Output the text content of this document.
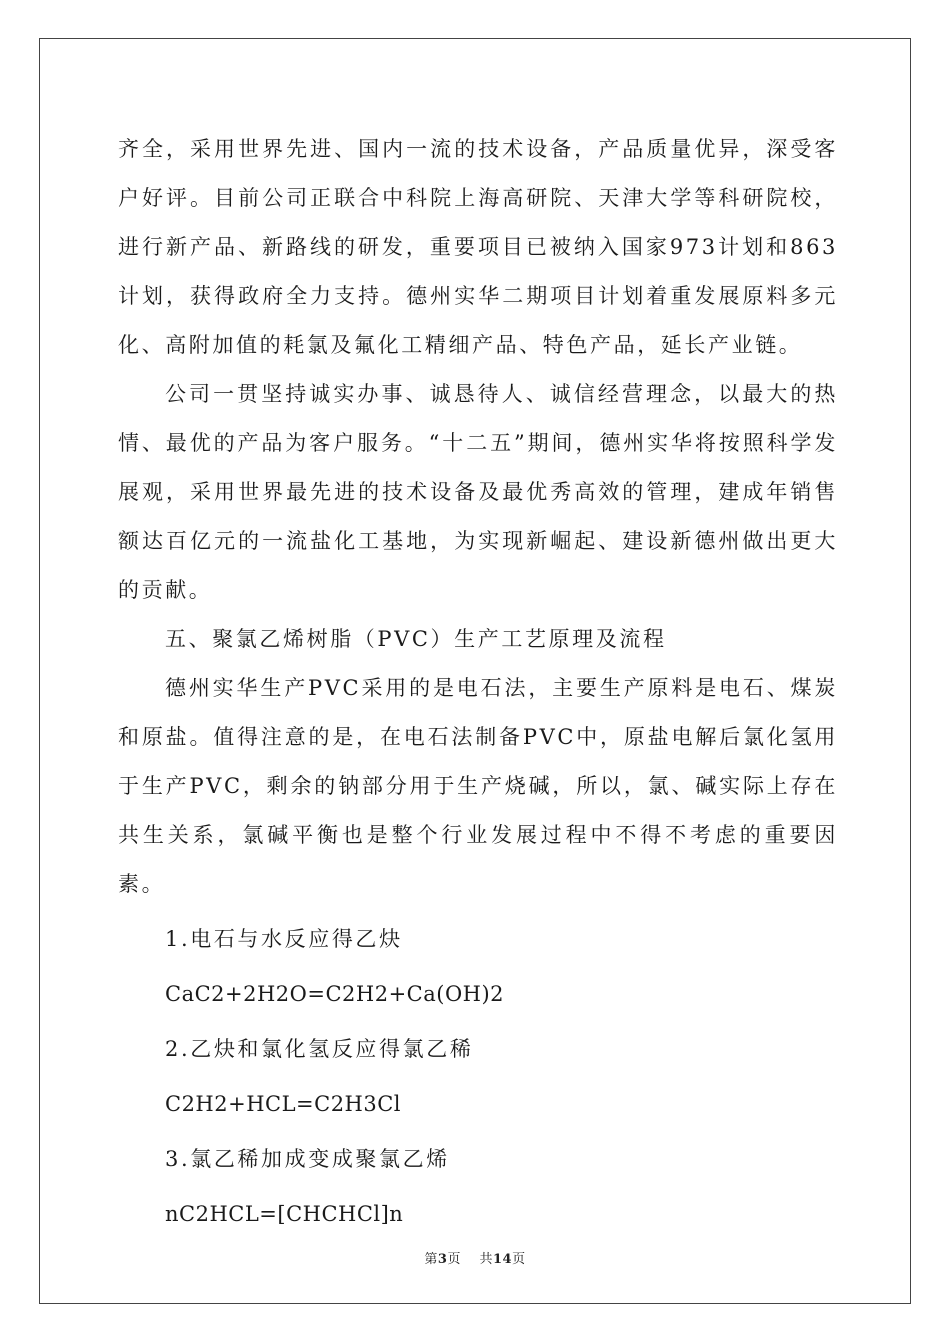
齐全，采用世界先进、国内一流的技术设备，产品质量优异，深受客户好评。目前公司正联合中科院上海高研院、天津大学等科研院校，进行新产品、新路线的研发，重要项目已被纳入国家973计划和863计划，获得政府全力支持。德州实华二期项目计划着重发展原料多元化、高附加值的耗氯及氟化工精细产品、特色产品，延长产业链。

公司一贯坚持诚实办事、诚恳待人、诚信经营理念，以最大的热情、最优的产品为客户服务。“十二五”期间，德州实华将按照科学发展观，采用世界最先进的技术设备及最优秀高效的管理，建成年销售额达百亿元的一流盐化工基地，为实现新崛起、建设新德州做出更大的贡献。

五、聚氯乙烯树脂（PVC）生产工艺原理及流程

德州实华生产PVC采用的是电石法，主要生产原料是电石、煤炭和原盐。值得注意的是，在电石法制备PVC中，原盐电解后氯化氢用于生产PVC，剩余的钠部分用于生产烧碱，所以，氯、碱实际上存在共生关系，氯碱平衡也是整个行业发展过程中不得不考虑的重要因素。

1.电石与水反应得乙炔

CaC2+2H2O=C2H2+Ca(OH)2

2.乙炔和氯化氢反应得氯乙稀

C2H2+HCL=C2H3Cl

3.氯乙稀加成变成聚氯乙烯

nC2HCL=[CHCHCl]n

第3页 共14页
